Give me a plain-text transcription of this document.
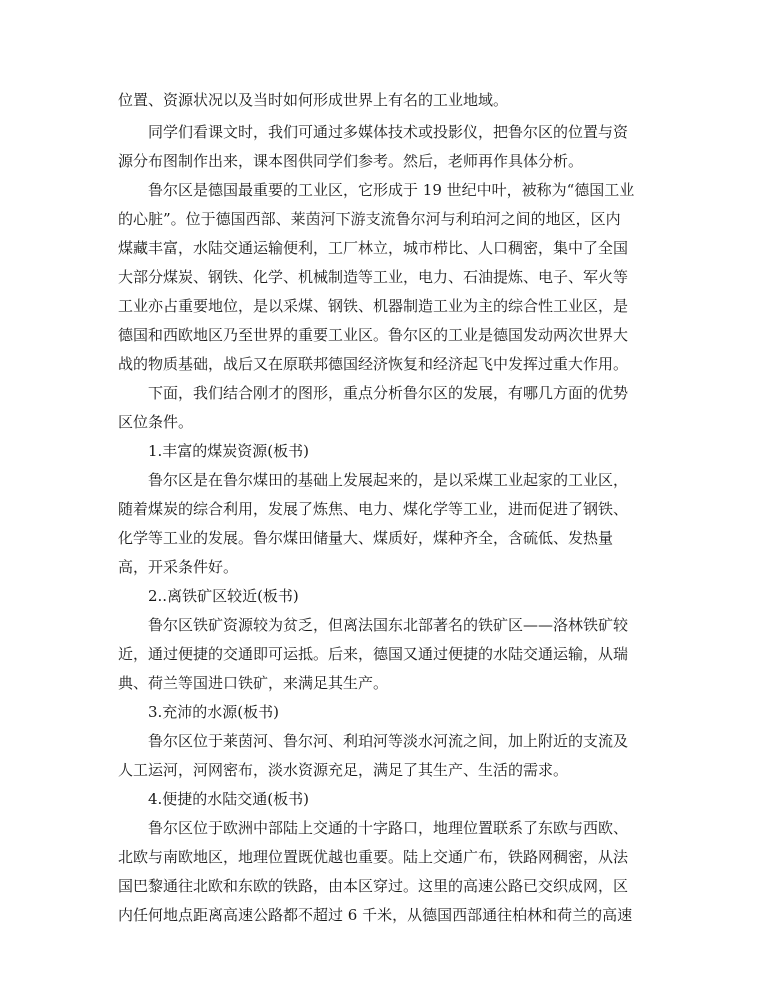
位置、资源状况以及当时如何形成世界上有名的工业地域。
同学们看课文时，我们可通过多媒体技术或投影仪，把鲁尔区的位置与资
源分布图制作出来，课本图供同学们参考。然后，老师再作具体分析。
鲁尔区是德国最重要的工业区，它形成于 19 世纪中叶，被称为“德国工业
的心脏”。位于德国西部、莱茵河下游支流鲁尔河与利珀河之间的地区，区内
煤藏丰富，水陆交通运输便利，工厂林立，城市栉比、人口稠密，集中了全国
大部分煤炭、钢铁、化学、机械制造等工业，电力、石油提炼、电子、军火等
工业亦占重要地位，是以采煤、钢铁、机器制造工业为主的综合性工业区，是
德国和西欧地区乃至世界的重要工业区。鲁尔区的工业是德国发动两次世界大
战的物质基础，战后又在原联邦德国经济恢复和经济起飞中发挥过重大作用。
下面，我们结合刚才的图形，重点分析鲁尔区的发展，有哪几方面的优势
区位条件。
1.丰富的煤炭资源(板书)
鲁尔区是在鲁尔煤田的基础上发展起来的，是以采煤工业起家的工业区，
随着煤炭的综合利用，发展了炼焦、电力、煤化学等工业，进而促进了钢铁、
化学等工业的发展。鲁尔煤田储量大、煤质好，煤种齐全，含硫低、发热量
高，开采条件好。
2..离铁矿区较近(板书)
鲁尔区铁矿资源较为贫乏，但离法国东北部著名的铁矿区——洛林铁矿较
近，通过便捷的交通即可运抵。后来，德国又通过便捷的水陆交通运输，从瑞
典、荷兰等国进口铁矿，来满足其生产。
3.充沛的水源(板书)
鲁尔区位于莱茵河、鲁尔河、利珀河等淡水河流之间，加上附近的支流及
人工运河，河网密布，淡水资源充足，满足了其生产、生活的需求。
4.便捷的水陆交通(板书)
鲁尔区位于欧洲中部陆上交通的十字路口，地理位置联系了东欧与西欧、
北欧与南欧地区，地理位置既优越也重要。陆上交通广布，铁路网稠密，从法
国巴黎通往北欧和东欧的铁路，由本区穿过。这里的高速公路已交织成网，区
内任何地点距离高速公路都不超过 6 千米，从德国西部通往柏林和荷兰的高速
